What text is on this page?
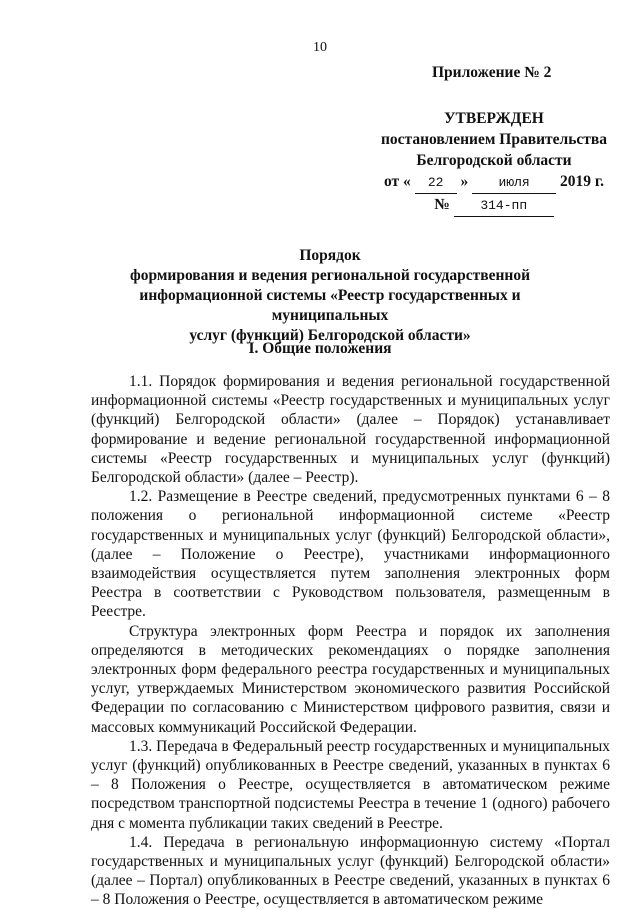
10
Приложение № 2
УТВЕРЖДЕН
постановлением Правительства
Белгородской области
от « 22 » июля 2019 г.
№ 314-пп
Порядок
формирования и ведения региональной государственной
информационной системы «Реестр государственных и муниципальных
услуг (функций) Белгородской области»
I. Общие положения

1.1. Порядок формирования и ведения региональной государственной информационной системы «Реестр государственных и муниципальных услуг (функций) Белгородской области» (далее – Порядок) устанавливает формирование и ведение региональной государственной информационной системы «Реестр государственных и муниципальных услуг (функций) Белгородской области» (далее – Реестр).

1.2. Размещение в Реестре сведений, предусмотренных пунктами 6 – 8 положения о региональной информационной системе «Реестр государственных и муниципальных услуг (функций) Белгородской области», (далее – Положение о Реестре), участниками информационного взаимодействия осуществляется путем заполнения электронных форм Реестра в соответствии с Руководством пользователя, размещенным в Реестре.

Структура электронных форм Реестра и порядок их заполнения определяются в методических рекомендациях о порядке заполнения электронных форм федерального реестра государственных и муниципальных услуг, утверждаемых Министерством экономического развития Российской Федерации по согласованию с Министерством цифрового развития, связи и массовых коммуникаций Российской Федерации.

1.3. Передача в Федеральный реестр государственных и муниципальных услуг (функций) опубликованных в Реестре сведений, указанных в пунктах 6 – 8 Положения о Реестре, осуществляется в автоматическом режиме посредством транспортной подсистемы Реестра в течение 1 (одного) рабочего дня с момента публикации таких сведений в Реестре.

1.4. Передача в региональную информационную систему «Портал государственных и муниципальных услуг (функций) Белгородской области» (далее – Портал) опубликованных в Реестре сведений, указанных в пунктах 6 – 8 Положения о Реестре, осуществляется в автоматическом режиме
